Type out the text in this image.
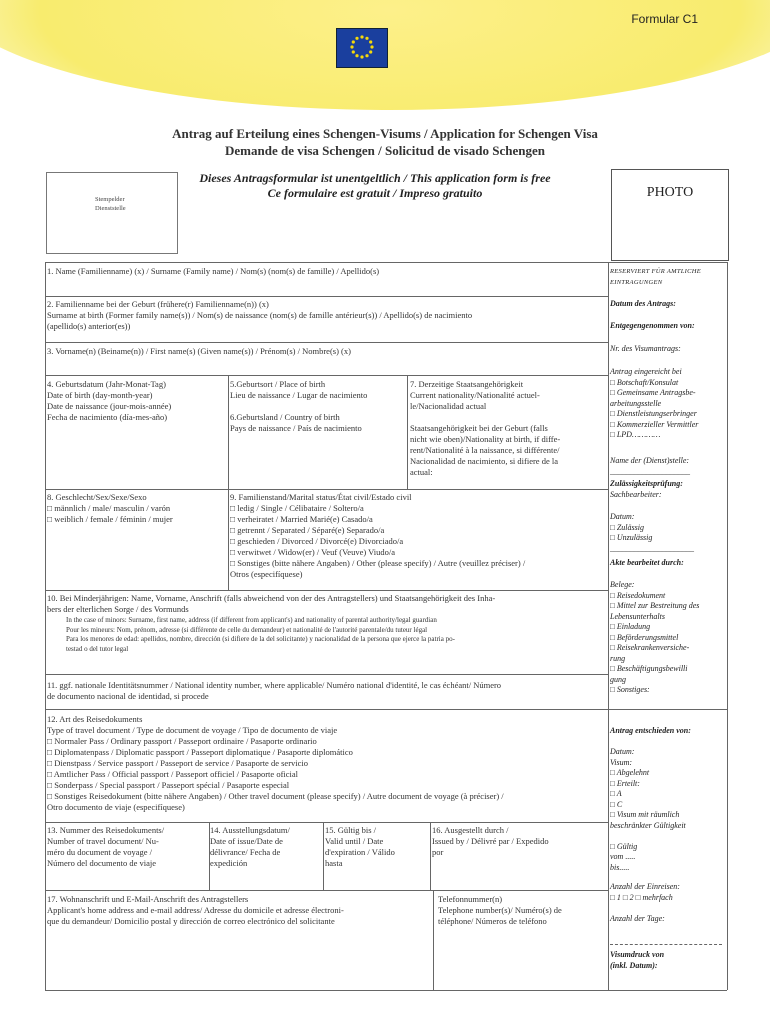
Formular C1
Antrag auf Erteilung eines Schengen-Visums / Application for Schengen Visa
Demande de visa Schengen / Solicitud de visado Schengen
Stempelder
Dienststelle
Dieses Antragsformular ist unentgeltlich / This application form is free
Ce formulaire est gratuit / Impreso gratuito	PHOTO
1. Name (Familienname) (x) / Surname (Family name) / Nom(s) (nom(s) de famille) / Apellido(s)
2. Familienname bei der Geburt (frühere(r) Familienname(n)) (x)
Surname at birth (Former family name(s)) / Nom(s) de naissance (nom(s) de famille antérieur(s)) / Apellido(s) de nacimiento
(apellido(s) anterior(es))
3. Vorname(n) (Beiname(n)) / First name(s) (Given name(s)) / Prénom(s) / Nombre(s) (x)
4. Geburtsdatum (Jahr-Monat-Tag)
Date of birth (day-month-year)
Date de naissance (jour-mois-année)
Fecha de nacimiento (día-mes-año)
5.Geburtsort / Place of birth
Lieu de naissance / Lugar de nacimiento
6.Geburtsland / Country of birth
Pays de naissance / País de nacimiento
7. Derzeitige Staatsangehörigkeit
Current nationality/Nationalité actuel-
le/Nacionalidad actual
Staatsangehörigkeit bei der Geburt (falls
nicht wie oben)/Nationality at birth, if diffe-
rent/Nationalité à la naissance, si différente/
Nacionalidad de nacimiento, si difiere de la
actual:
8. Geschlecht/Sex/Sexe/Sexo
□ männlich / male/ masculin / varón
□ weiblich / female / féminin / mujer
9. Familienstand/Marital status/État civil/Estado civil
□ ledig / Single / Célibataire / Soltero/a
□ verheiratet / Married Marié(e) Casado/a
□ getrennt / Separated / Séparé(e) Separado/a
□ geschieden / Divorced / Divorcé(e) Divorciado/a
□ verwitwet / Widow(er) / Veuf (Veuve) Viudo/a
□ Sonstiges (bitte nähere Angaben) / Other (please specify) / Autre (veuillez préciser) /
Otros (especifíquese)
10. Bei Minderjährigen: Name, Vorname, Anschrift (falls abweichend von der des Antragstellers) und Staatsangehörigkeit des Inha-
bers der elterlichen Sorge / des Vormunds
In the case of minors: Surname, first name, address (if different from applicant's) and nationality of parental authority/legal guardian
Pour les mineurs: Nom, prénom, adresse (si différente de celle du demandeur) et nationalité de l'autorité parentale/du tuteur légal
Para los menores de edad: apellidos, nombre, dirección (si difiere de la del solicitante) y nacionalidad de la persona que ejerce la patria po-
testad o del tutor legal
11. ggf. nationale Identitätsnummer / National identity number, where applicable/ Numéro national d'identité, le cas échéant/ Número
de documento nacional de identidad, si procede
12. Art des Reisedokuments
Type of travel document / Type de document de voyage / Tipo de documento de viaje
□ Normaler Pass / Ordinary passport / Passeport ordinaire / Pasaporte ordinario
□ Diplomatenpass / Diplomatic passport / Passeport diplomatique / Pasaporte diplomático
□ Dienstpass / Service passport / Passeport de service / Pasaporte de servicio
□ Amtlicher Pass / Official passport / Passeport officiel / Pasaporte oficial
□ Sonderpass / Special passport / Passeport spécial / Pasaporte especial
□ Sonstiges Reisedokument (bitte nähere Angaben) / Other travel document (please specify) / Autre document de voyage (à préciser) /
Otro documento de viaje (especifíquese)
13. Nummer des Reisedokuments/
Number of travel document/ Nu-
méro du document de voyage /
Número del documento de viaje
14. Ausstellungsdatum/
Date of issue/Date de
délivrance/ Fecha de
expedición
15. Gültig bis /
Valid until / Date
d'expiration / Válido
hasta
16. Ausgestellt durch /
Issued by / Délivré par / Expedido
por
17. Wohnanschrift und E-Mail-Anschrift des Antragstellers
Applicant's home address and e-mail address/ Adresse du domicile et adresse électroni-
que du demandeur/ Domicilio postal y dirección de correo electrónico del solicitante
Telefonnummer(n)
Telephone number(s)/ Numéro(s) de
téléphone/ Números de teléfono
RESERVIERT FÜR AMTLICHE
EINTRAGUNGEN
Datum des Antrags:
Entgegengenommen von:
Nr. des Visumantrags:
Antrag eingereicht bei
□ Botschaft/Konsulat
□ Gemeinsame Antragsbe-
arbeitungsstelle
□ Dienstleistungserbringer
□ Kommerzieller Vermittler
□ LPD…………
Name der (Dienst)stelle:
____________________
Zulässigkeitsprüfung:
Sachbearbeiter:
Datum:
□ Zulässig
□ Unzulässig
_____________________
Akte bearbeitet durch:
Belege:
□ Reisedokument
□ Mittel zur Bestreitung des
Lebensunterhalts
□ Einladung
□ Beförderungsmittel
□ Reisekrankenversiche-
rung
□ Beschäftigungsbewilli
gung
□ Sonstiges:
Antrag entschieden von:
Datum:
Visum:
□ Abgelehnt
□ Erteilt:
□ A
□ C
□ Visum mit räumlich
beschränkter Gültigkeit

□ Gültig
vom .....
bis.....
Anzahl der Einreisen:
□ 1 □ 2 □ mehrfach

Anzahl der Tage:
Visumdruck von
(inkl. Datum):
